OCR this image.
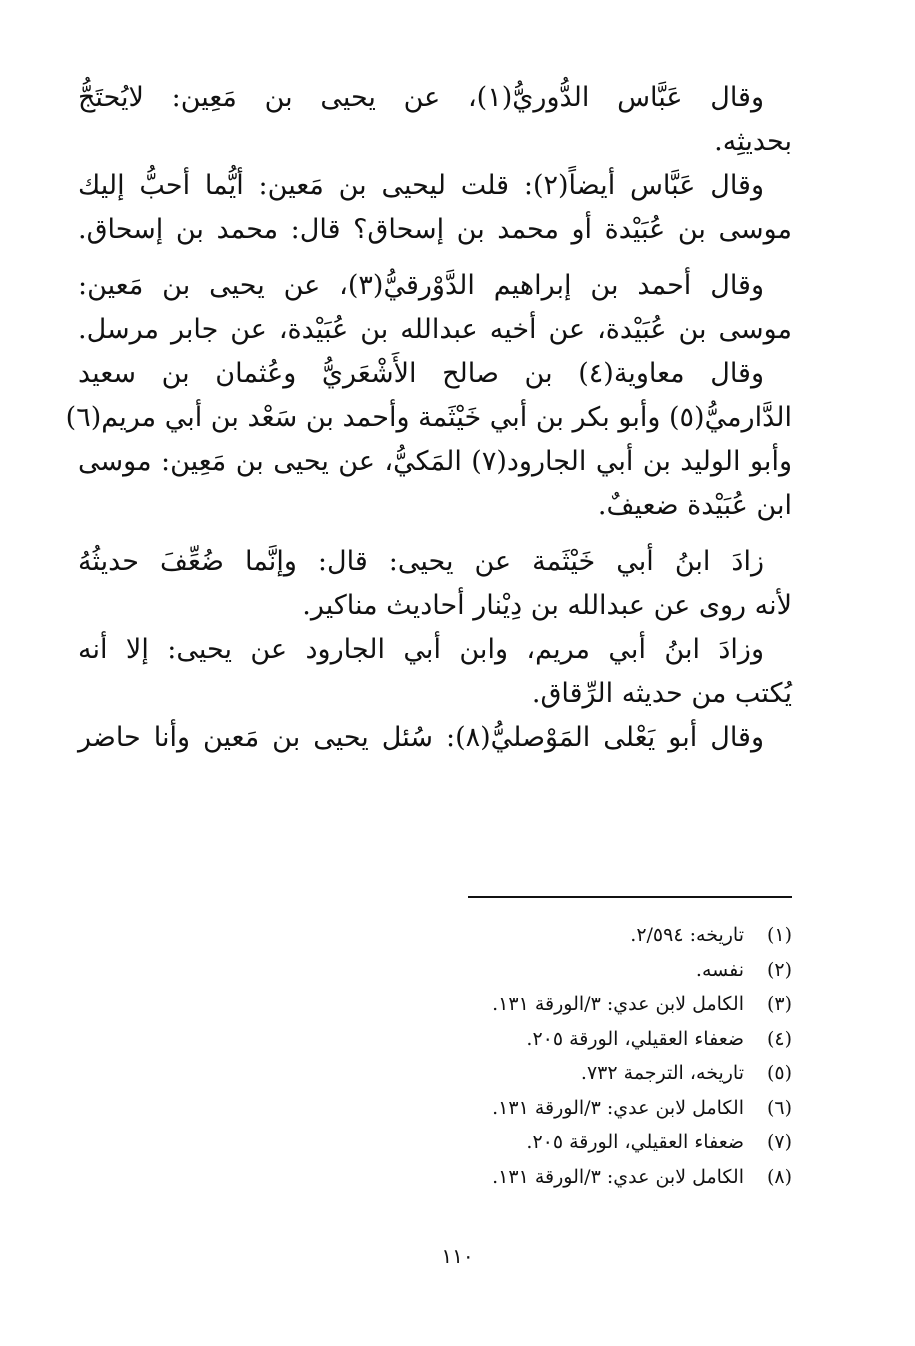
وقال عَبَّاس الدُّوريُّ(١)، عن يحيى بن مَعِين: لايُحتَجُّ
بحديثِه.
وقال عَبَّاس أيضاً(٢): قلت ليحيى بن مَعين: أيُّما أحبُّ إليك
موسى بن عُبَيْدة أو محمد بن إسحاق؟ قال: محمد بن إسحاق.
وقال أحمد بن إبراهيم الدَّوْرقيُّ(٣)، عن يحيى بن مَعين:
موسى بن عُبَيْدة، عن أخيه عبدالله بن عُبَيْدة، عن جابر مرسل.
وقال معاوية(٤) بن صالح الأَشْعَريُّ وعُثمان بن سعيد
الدَّارميُّ(٥) وأبو بكر بن أبي خَيْثَمة وأحمد بن سَعْد بن أبي مريم(٦)
وأبو الوليد بن أبي الجارود(٧) المَكيُّ، عن يحيى بن مَعِين: موسى
ابن عُبَيْدة ضعيفٌ.
زادَ ابنُ أبي خَيْثَمة عن يحيى: قال: وإنَّما ضُعِّفَ حديثُهُ
لأنه روى عن عبدالله بن دِيْنار أحاديث مناكير.
وزادَ ابنُ أبي مريم، وابن أبي الجارود عن يحيى: إلا أنه
يُكتب من حديثه الرِّقاق.
وقال أبو يَعْلى المَوْصليُّ(٨): سُئل يحيى بن مَعين وأنا حاضر
(١)
تاريخه: ٢/٥٩٤.
(٢)
نفسه.
(٣)
الكامل لابن عدي: ٣/الورقة ١٣١.
(٤)
ضعفاء العقيلي، الورقة ٢٠٥.
(٥)
تاريخه، الترجمة ٧٣٢.
(٦)
الكامل لابن عدي: ٣/الورقة ١٣١.
(٧)
ضعفاء العقيلي، الورقة ٢٠٥.
(٨)
الكامل لابن عدي: ٣/الورقة ١٣١.
١١٠
